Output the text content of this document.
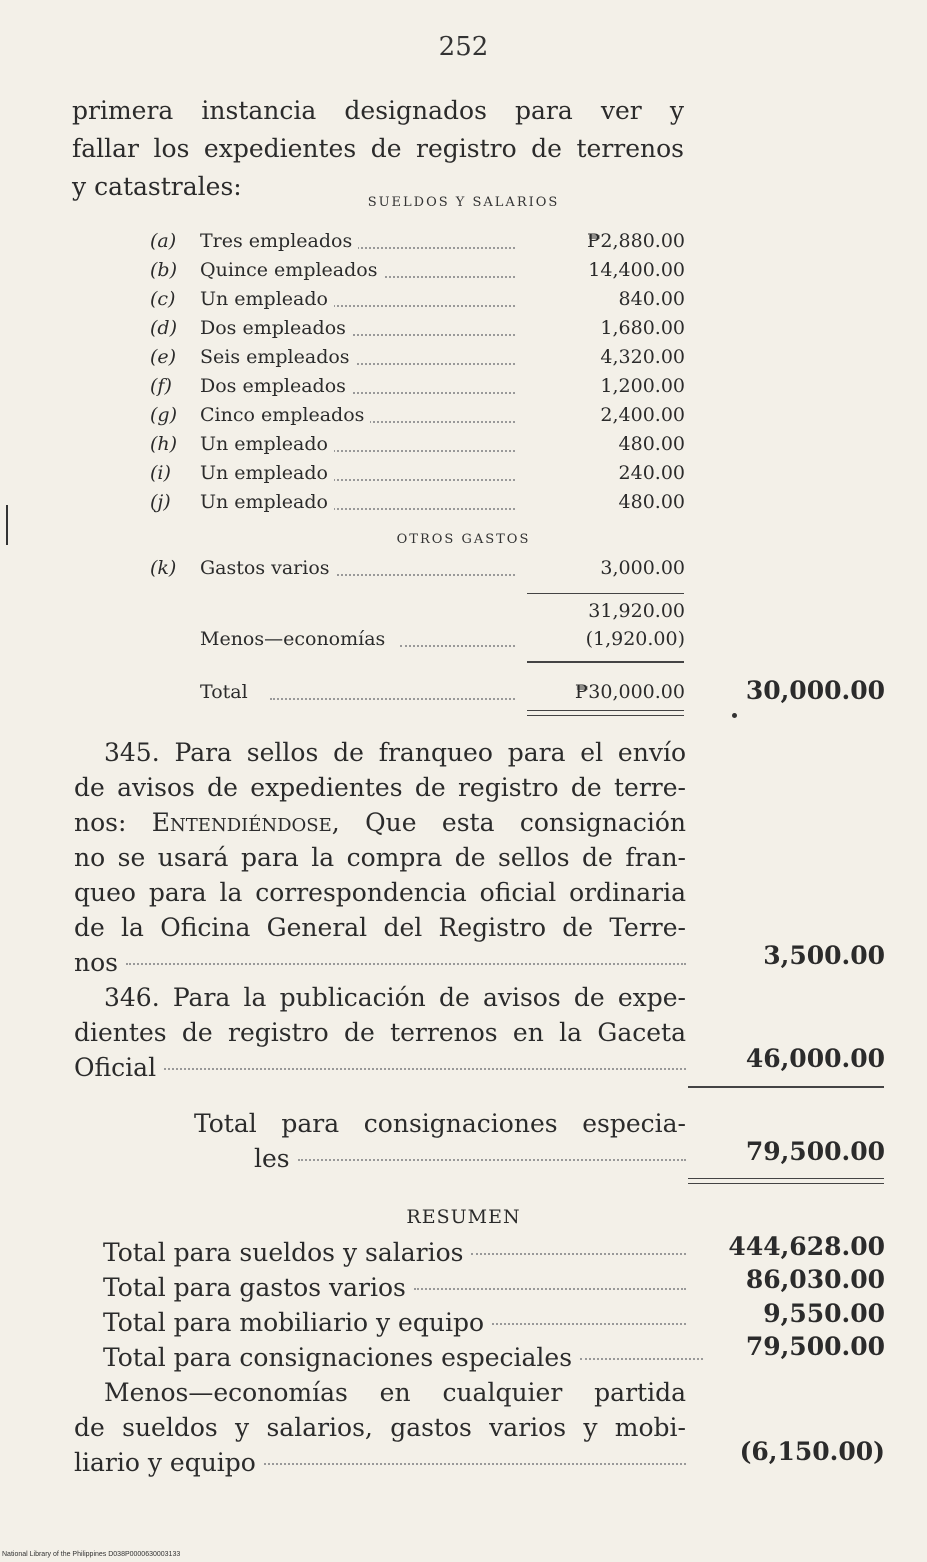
252
primera instancia designados para ver y
fallar los expedientes de registro de terrenos
y catastrales:
SUELDOS Y SALARIOS
(a) Tres empleados	₱2,880.00
(b) Quince empleados	14,400.00
(c) Un empleado	840.00
(d) Dos empleados	1,680.00
(e) Seis empleados	4,320.00
(f) Dos empleados	1,200.00
(g) Cinco empleados	2,400.00
(h) Un empleado	480.00
(i) Un empleado	240.00
(j) Un empleado	480.00
OTROS GASTOS
(k) Gastos varios	3,000.00
31,920.00
Menos—economías	(1,920.00)
Total	₱30,000.00	30,000.00
345. Para sellos de franqueo para el envío
de avisos de expedientes de registro de terre-
nos: Entendiéndose, Que esta consignación
no se usará para la compra de sellos de fran-
queo para la correspondencia oficial ordinaria
de la Oficina General del Registro de Terre-
nos	3,500.00
346. Para la publicación de avisos de expe-
dientes de registro de terrenos en la Gaceta
Oficial	46,000.00
Total para consignaciones especia-
les	79,500.00
RESUMEN
Total para sueldos y salarios	444,628.00
Total para gastos varios	86,030.00
Total para mobiliario y equipo	9,550.00
Total para consignaciones especiales	79,500.00
Menos—economías en cualquier partida
de sueldos y salarios, gastos varios y mobi-
liario y equipo	(6,150.00)
National Library of the Philippines D038P0000630003133
